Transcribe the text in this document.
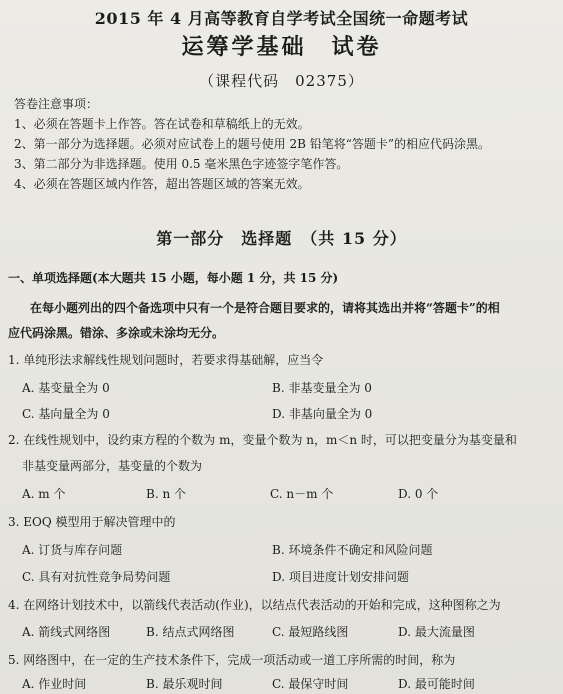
2015 年 4 月高等教育自学考试全国统一命题考试
运筹学基础　试卷
（课程代码　02375）
答卷注意事项：
1、必须在答题卡上作答。答在试卷和草稿纸上的无效。
2、第一部分为选择题。必须对应试卷上的题号使用 2B 铅笔将“答题卡”的相应代码涂黑。
3、第二部分为非选择题。使用 0.5 毫米黑色字迹签字笔作答。
4、必须在答题区域内作答，超出答题区域的答案无效。
第一部分　选择题　（共 15 分）
一、单项选择题(本大题共 15 小题，每小题 1 分，共 15 分)
在每小题列出的四个备选项中只有一个是符合题目要求的，请将其选出并将“答题卡”的相
应代码涂黑。错涂、多涂或未涂均无分。
1. 单纯形法求解线性规划问题时，若要求得基础解，应当令
A. 基变量全为 0	B. 非基变量全为 0
C. 基向量全为 0	D. 非基向量全为 0
2. 在线性规划中，设约束方程的个数为 m，变量个数为 n，m＜n 时，可以把变量分为基变量和
非基变量两部分，基变量的个数为
A. m 个	B. n 个	C. n－m 个	D. 0 个
3. EOQ 模型用于解决管理中的
A. 订货与库存问题	B. 环境条件不确定和风险问题
C. 具有对抗性竞争局势问题	D. 项目进度计划安排问题
4. 在网络计划技术中，以箭线代表活动(作业)，以结点代表活动的开始和完成，这种图称之为
A. 箭线式网络图	B. 结点式网络图	C. 最短路线图	D. 最大流量图
5. 网络图中，在一定的生产技术条件下，完成一项活动或一道工序所需的时间，称为
A. 作业时间	B. 最乐观时间	C. 最保守时间	D. 最可能时间
